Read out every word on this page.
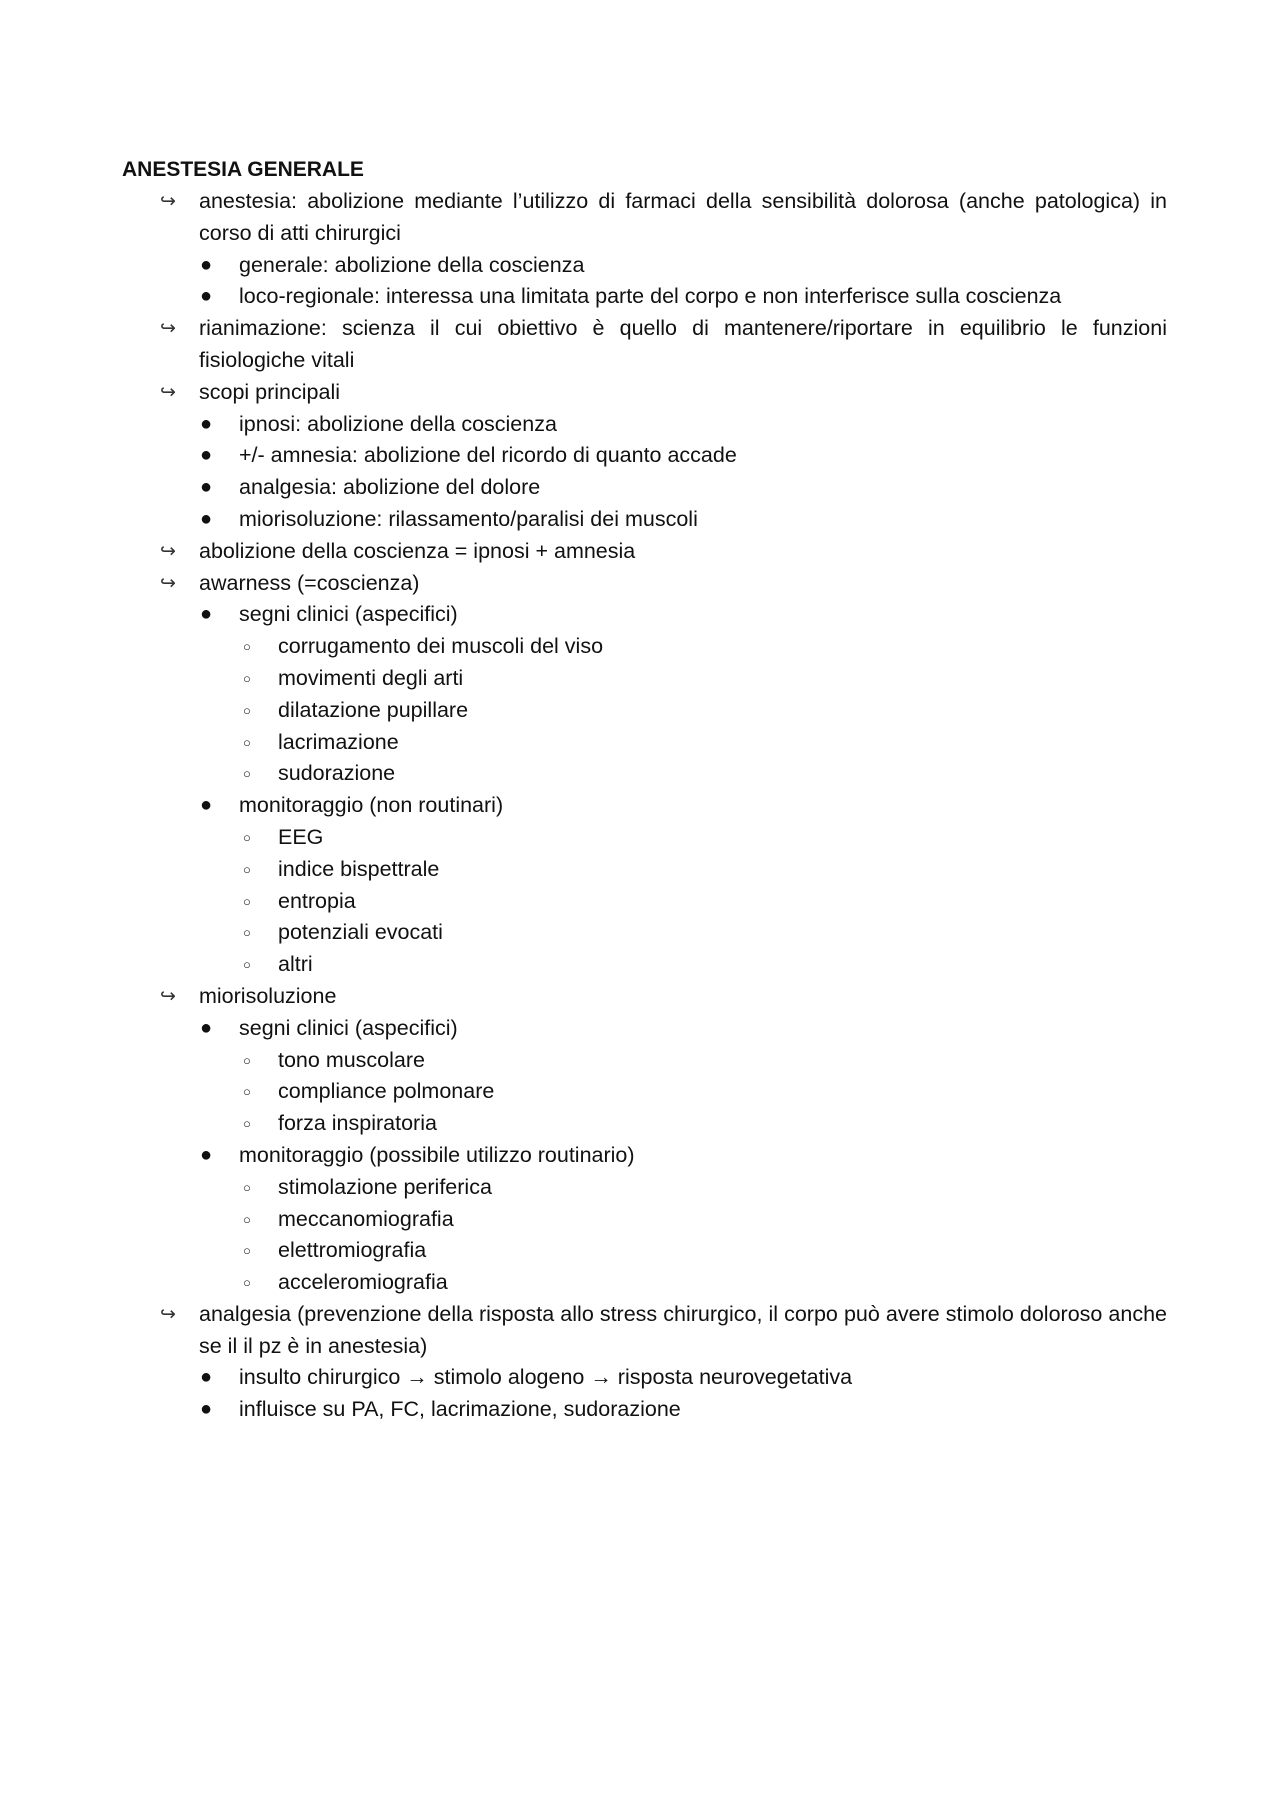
ANESTESIA GENERALE
↪ anestesia: abolizione mediante l’utilizzo di farmaci della sensibilità dolorosa (anche patologica) in corso di atti chirurgici
● generale: abolizione della coscienza
● loco-regionale: interessa una limitata parte del corpo e non interferisce sulla coscienza
↪ rianimazione: scienza il cui obiettivo è quello di mantenere/riportare in equilibrio le funzioni fisiologiche vitali
↪ scopi principali
● ipnosi: abolizione della coscienza
● +/- amnesia: abolizione del ricordo di quanto accade
● analgesia: abolizione del dolore
● miorisoluzione: rilassamento/paralisi dei muscoli
↪ abolizione della coscienza = ipnosi + amnesia
↪ awarness (=coscienza)
● segni clinici (aspecifici)
○ corrugamento dei muscoli del viso
○ movimenti degli arti
○ dilatazione pupillare
○ lacrimazione
○ sudorazione
● monitoraggio (non routinari)
○ EEG
○ indice bispettrale
○ entropia
○ potenziali evocati
○ altri
↪ miorisoluzione
● segni clinici (aspecifici)
○ tono muscolare
○ compliance polmonare
○ forza inspiratoria
● monitoraggio (possibile utilizzo routinario)
○ stimolazione periferica
○ meccanomiografia
○ elettromiografia
○ acceleromiografia
↪ analgesia (prevenzione della risposta allo stress chirurgico, il corpo può avere stimolo doloroso anche se il il pz è in anestesia)
● insulto chirurgico → stimolo alogeno → risposta neurovegetativa
● influisce su PA, FC, lacrimazione, sudorazione
